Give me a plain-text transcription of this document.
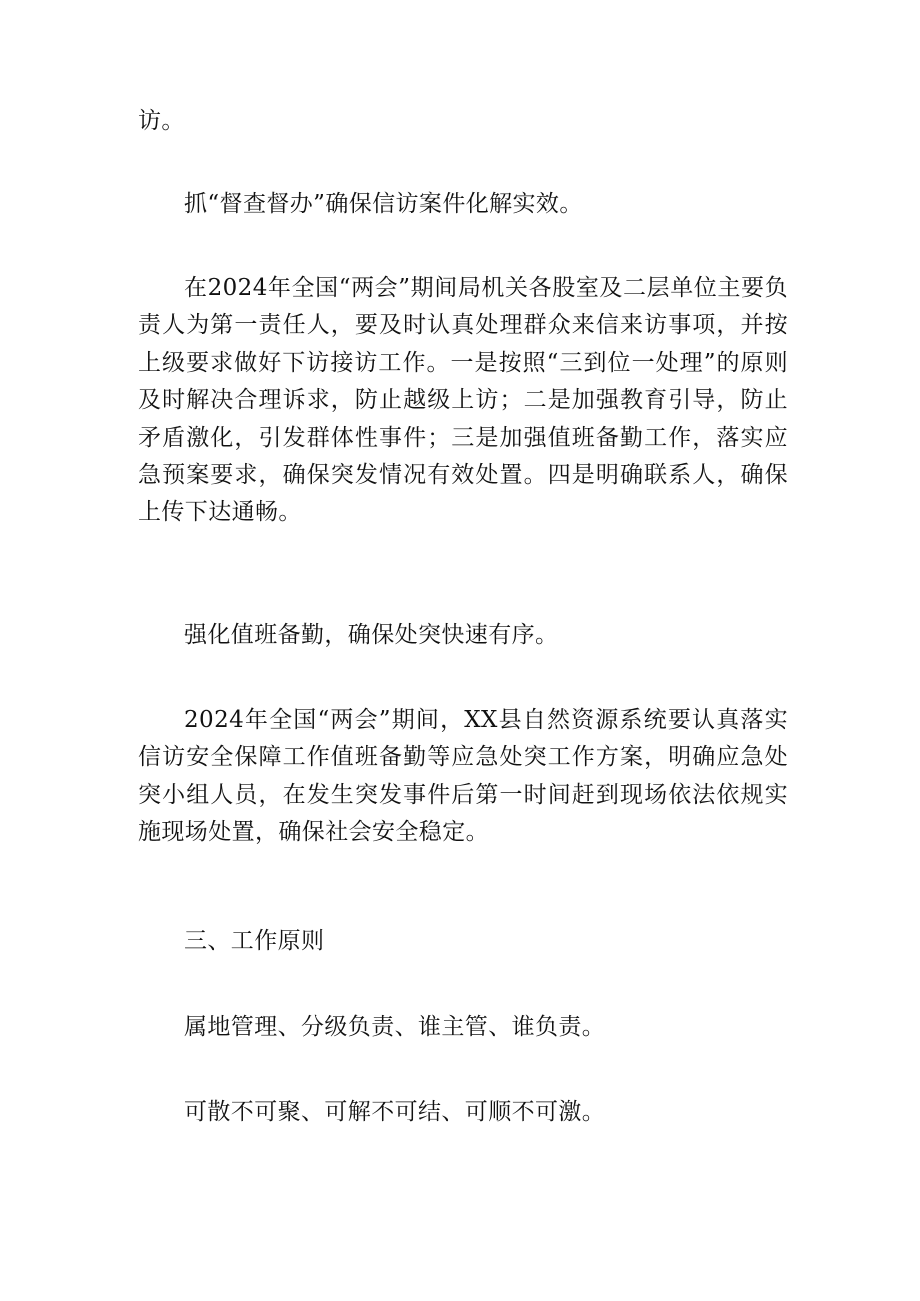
访。

抓“督查督办”确保信访案件化解实效。

在2024年全国“两会”期间局机关各股室及二层单位主要负责人为第一责任人，要及时认真处理群众来信来访事项，并按上级要求做好下访接访工作。一是按照“三到位一处理”的原则及时解决合理诉求，防止越级上访；二是加强教育引导，防止矛盾激化，引发群体性事件；三是加强值班备勤工作，落实应急预案要求，确保突发情况有效处置。四是明确联系人，确保上传下达通畅。

强化值班备勤，确保处突快速有序。

2024年全国“两会”期间，XX县自然资源系统要认真落实信访安全保障工作值班备勤等应急处突工作方案，明确应急处突小组人员，在发生突发事件后第一时间赶到现场依法依规实施现场处置，确保社会安全稳定。

三、工作原则

属地管理、分级负责、谁主管、谁负责。

可散不可聚、可解不可结、可顺不可激。
